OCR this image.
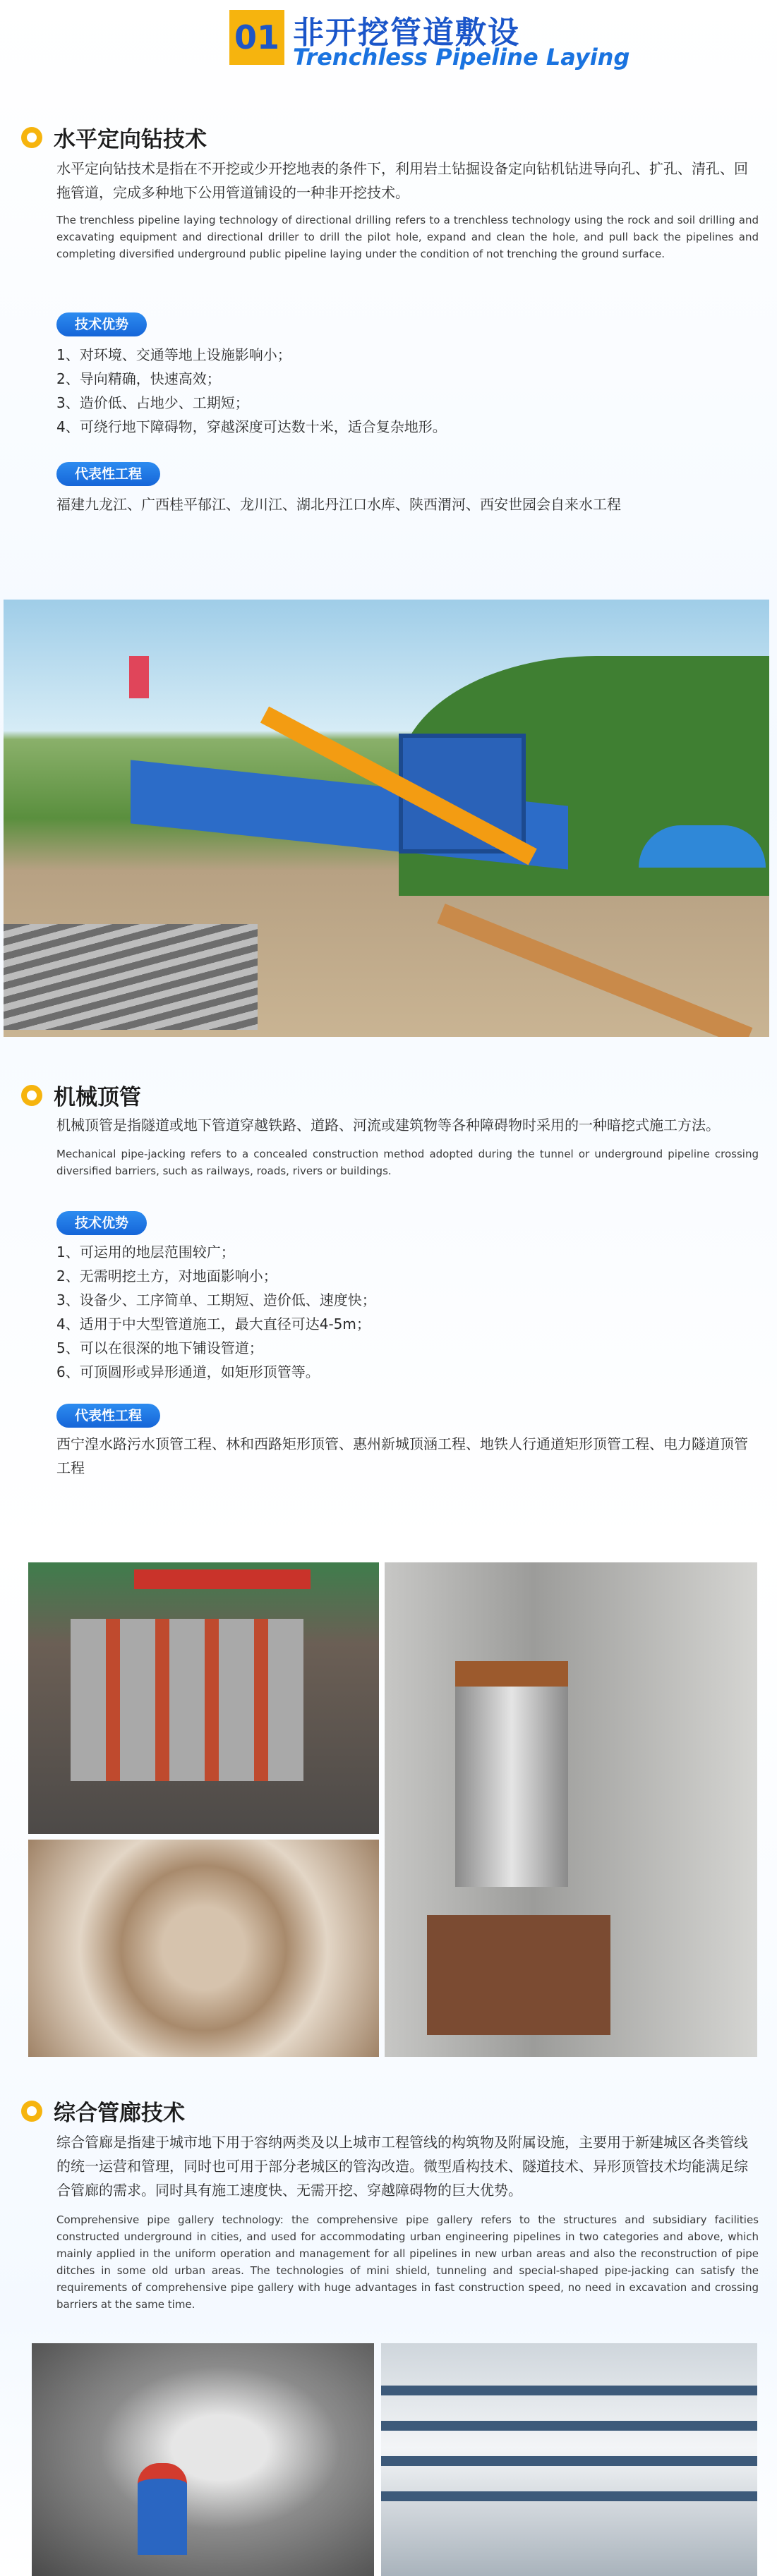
01 非开挖管道敷设
Trenchless Pipeline Laying
水平定向钻技术

水平定向钻技术是指在不开挖或少开挖地表的条件下，利用岩土钻掘设备定向钻机钻进导向孔、扩孔、清孔、回拖管道，完成多种地下公用管道铺设的一种非开挖技术。

The trenchless pipeline laying technology of directional drilling refers to a trenchless technology using the rock and soil drilling and excavating equipment and directional driller to drill the pilot hole, expand and clean the hole, and pull back the pipelines and completing diversified underground public pipeline laying under the condition of not trenching the ground surface.

技术优势
1、对环境、交通等地上设施影响小；
2、导向精确，快速高效；
3、造价低、占地少、工期短；
4、可绕行地下障碍物，穿越深度可达数十米，适合复杂地形。
代表性工程

福建九龙江、广西桂平郁江、龙川江、湖北丹江口水库、陕西渭河、西安世园会自来水工程

机械顶管

机械顶管是指隧道或地下管道穿越铁路、道路、河流或建筑物等各种障碍物时采用的一种暗挖式施工方法。

Mechanical pipe-jacking refers to a concealed construction method adopted during the tunnel or underground pipeline crossing diversified barriers, such as railways, roads, rivers or buildings.

技术优势
1、可运用的地层范围较广；
2、无需明挖土方，对地面影响小；
3、设备少、工序简单、工期短、造价低、速度快；
4、适用于中大型管道施工，最大直径可达4-5m；
5、可以在很深的地下铺设管道；
6、可顶圆形或异形通道，如矩形顶管等。
代表性工程

西宁湟水路污水顶管工程、林和西路矩形顶管、惠州新城顶涵工程、地铁人行通道矩形顶管工程、电力隧道顶管工程

综合管廊技术

综合管廊是指建于城市地下用于容纳两类及以上城市工程管线的构筑物及附属设施，主要用于新建城区各类管线的统一运营和管理，同时也可用于部分老城区的管沟改造。微型盾构技术、隧道技术、异形顶管技术均能满足综合管廊的需求。同时具有施工速度快、无需开挖、穿越障碍物的巨大优势。

Comprehensive pipe gallery technology: the comprehensive pipe gallery refers to the structures and subsidiary facilities constructed underground in cities, and used for accommodating urban engineering pipelines in two categories and above, which mainly applied in the uniform operation and management for all pipelines in new urban areas and also the reconstruction of pipe ditches in some old urban areas. The technologies of mini shield, tunneling and special-shaped pipe-jacking can satisfy the requirements of comprehensive pipe gallery with huge advantages in fast construction speed, no need in excavation and crossing barriers at the same time.
